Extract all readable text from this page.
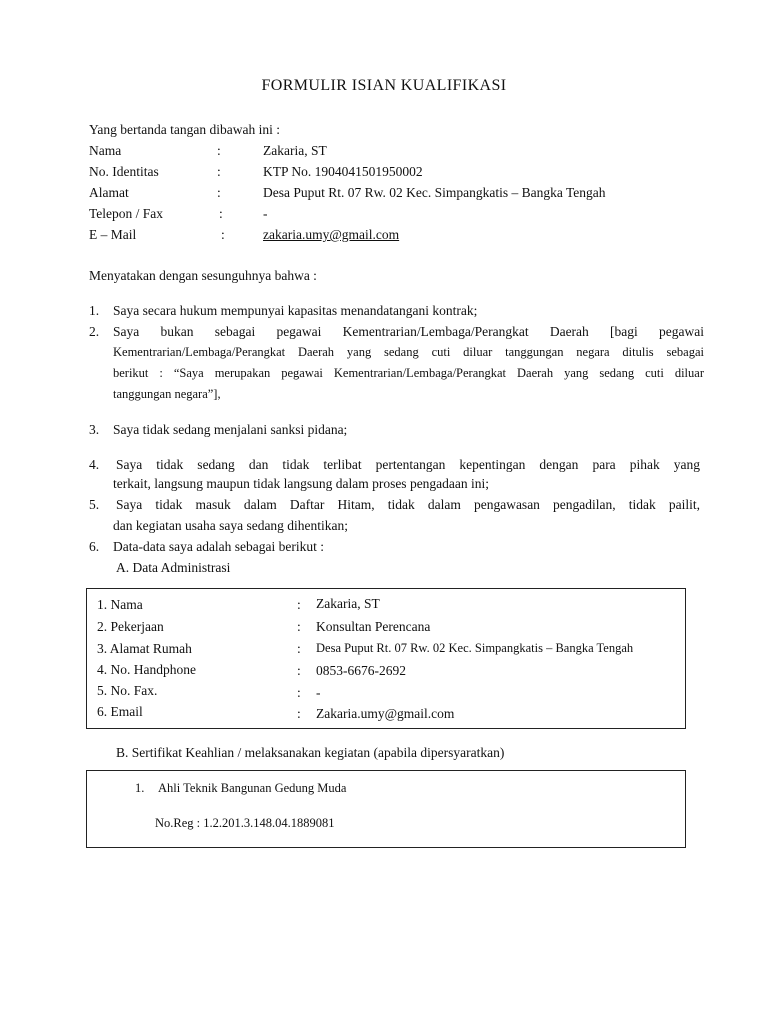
FORMULIR ISIAN KUALIFIKASI
Yang bertanda tangan dibawah ini :
Nama	:	Zakaria, ST
No. Identitas	:	KTP No. 1904041501950002
Alamat	:	Desa Puput Rt. 07 Rw. 02 Kec. Simpangkatis – Bangka Tengah
Telepon / Fax	:	-
E – Mail	:	zakaria.umy@gmail.com
Menyatakan dengan sesunguhnya bahwa :
1. Saya secara hukum mempunyai kapasitas menandatangani kontrak;
2. Saya bukan sebagai pegawai Kementrarian/Lembaga/Perangkat Daerah [bagi pegawai
Kementrarian/Lembaga/Perangkat Daerah yang sedang cuti diluar tanggungan negara ditulis sebagai
berikut : “Saya merupakan pegawai Kementrarian/Lembaga/Perangkat Daerah yang sedang cuti diluar
tanggungan negara”],
3. Saya tidak sedang menjalani sanksi pidana;
4. Saya tidak sedang dan tidak terlibat pertentangan kepentingan dengan para pihak yang
terkait, langsung maupun tidak langsung dalam proses pengadaan ini;
5. Saya tidak masuk dalam Daftar Hitam, tidak dalam pengawasan pengadilan, tidak pailit,
dan kegiatan usaha saya sedang dihentikan;
6. Data-data saya adalah sebagai berikut :
A. Data Administrasi
1. Nama	: Zakaria, ST
2. Pekerjaan	: Konsultan Perencana
3. Alamat Rumah	: Desa Puput Rt. 07 Rw. 02 Kec. Simpangkatis – Bangka Tengah
4. No. Handphone	: 0853-6676-2692
5. No. Fax.	: -
6. Email	: Zakaria.umy@gmail.com
B. Sertifikat Keahlian / melaksanakan kegiatan (apabila dipersyaratkan)
1. Ahli Teknik Bangunan Gedung Muda
No.Reg : 1.2.201.3.148.04.1889081
